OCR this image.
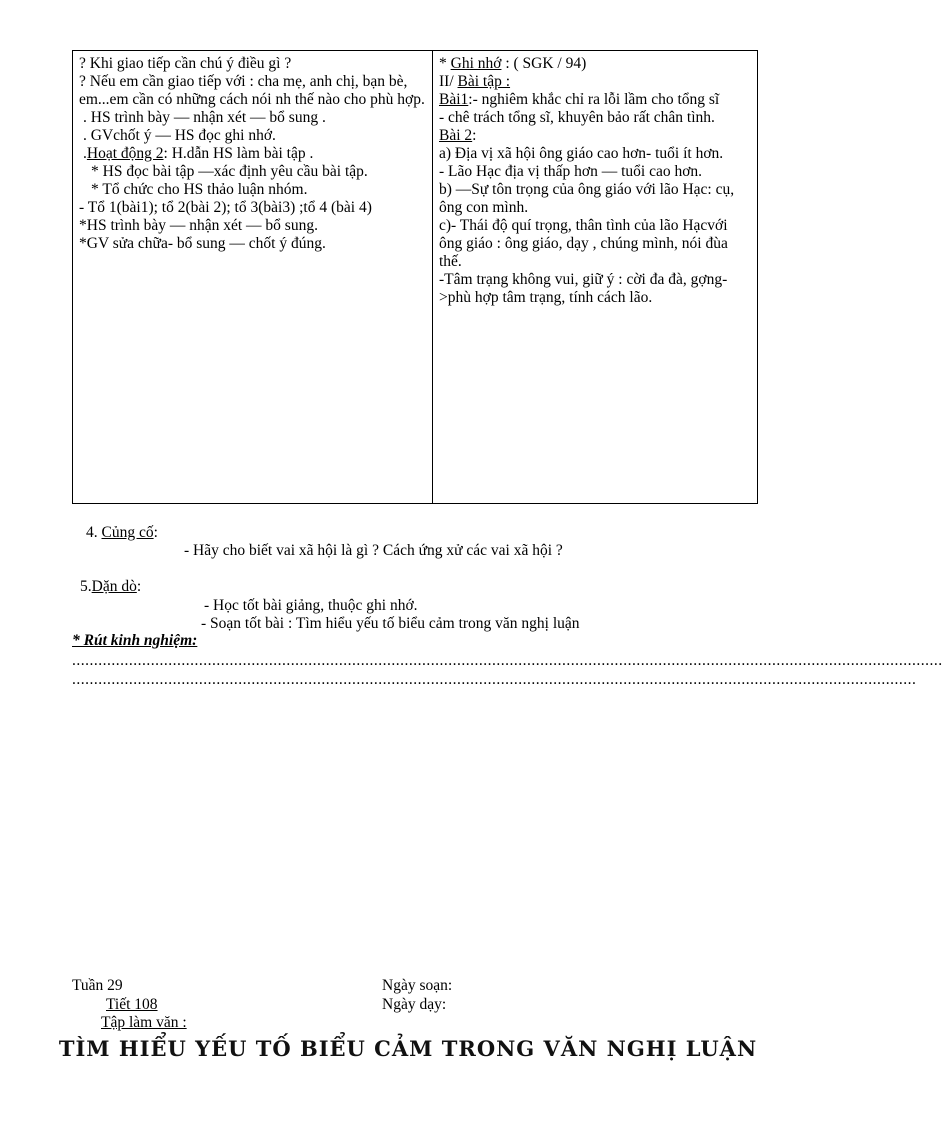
? Khi giao tiếp cần chú ý điều gì ?
? Nếu em cần giao tiếp với : cha mẹ, anh chị, bạn bè, em...em cần có những cách nói nh thế nào cho phù hợp.
. HS trình bày — nhận xét — bổ sung .
. GVchốt ý — HS đọc ghi nhớ.
.Hoạt động 2: H.dẫn HS làm bài tập .
* HS đọc bài tập —xác định yêu cầu bài tập.
* Tổ chức cho HS thảo luận nhóm.
- Tổ 1(bài1); tổ 2(bài 2); tổ 3(bài3) ;tổ 4 (bài 4)
*HS trình bày — nhận xét — bổ sung.
*GV sửa chữa- bổ sung — chốt ý đúng.

* Ghi nhớ : ( SGK / 94)
II/ Bài tập :
Bài1:- nghiêm khắc chỉ ra lỗi lầm cho tổng sĩ
- chê trách tổng sĩ, khuyên bảo rất chân tình.
Bài 2:
a) Địa vị xã hội ông giáo cao hơn- tuổi ít hơn.
- Lão Hạc địa vị thấp hơn — tuổi cao hơn.
b) —Sự tôn trọng của ông giáo với lão Hạc: cụ, ông con mình.
c)- Thái độ quí trọng, thân tình của lão Hạcvới ông giáo : ông giáo, dạy , chúng mình, nói đùa thế.
-Tâm trạng không vui, giữ ý : cời đa đà, gợng->phù hợp tâm trạng, tính cách lão.
4. Củng cố:
- Hãy cho biết vai xã hội là gì ? Cách ứng xử các vai xã hội ?
5.Dặn dò:
- Học tốt bài giảng, thuộc ghi nhớ.
- Soạn tốt bài : Tìm hiểu yếu tố biểu cảm trong văn nghị luận
* Rút kinh nghiệm:
.......................................................................................................................................................................................................
.................................................................................................................................................................................................
Tuần 29
Tiết 108
Tập làm văn :
Ngày soạn:
Ngày dạy:
TÌM HIỂU YẾU TỐ BIỂU CẢM TRONG VĂN NGHỊ LUẬN
